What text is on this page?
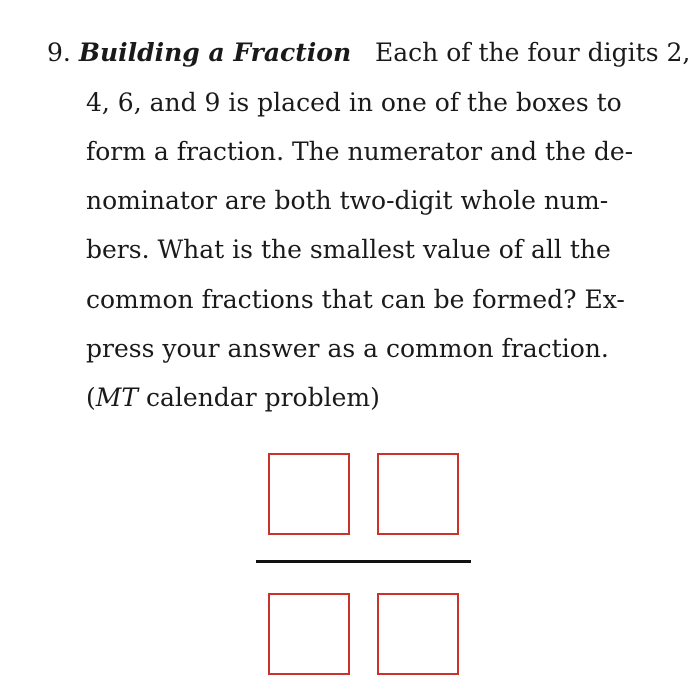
9. Building a Fraction Each of the four digits 2,
4, 6, and 9 is placed in one of the boxes to
form a fraction. The numerator and the de-
nominator are both two-digit whole num-
bers. What is the smallest value of all the
common fractions that can be formed? Ex-
press your answer as a common fraction.
(MT calendar problem)
